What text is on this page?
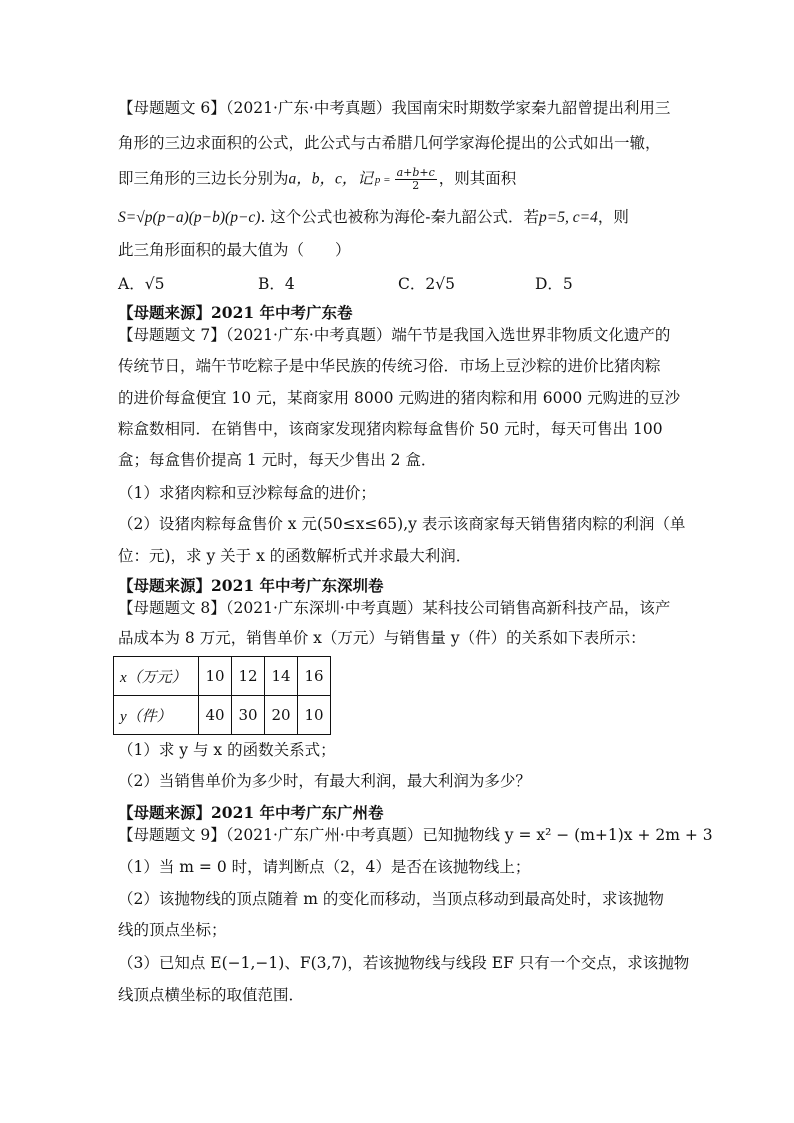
【母题题文 6】（2021·广东·中考真题）我国南宋时期数学家秦九韶曾提出利用三
角形的三边求面积的公式，此公式与古希腊几何学家海伦提出的公式如出一辙，
即三角形的三边长分别为a，b，c，记 $p = \frac{a+b+c}{2}$ ，则其面积
S=√p(p−a)(p−b)(p−c). 这个公式也被称为海伦-秦九韶公式．若p=5, c=4，则
此三角形面积的最大值为（　　）
A．√5	B．4	C．2√5	D．5
【母题来源】2021 年中考广东卷
【母题题文 7】（2021·广东·中考真题）端午节是我国入选世界非物质文化遗产的
传统节日，端午节吃粽子是中华民族的传统习俗．市场上豆沙粽的进价比猪肉粽
的进价每盒便宜 10 元，某商家用 8000 元购进的猪肉粽和用 6000 元购进的豆沙
粽盒数相同．在销售中，该商家发现猪肉粽每盒售价 50 元时，每天可售出 100
盒；每盒售价提高 1 元时，每天少售出 2 盒．
（1）求猪肉粽和豆沙粽每盒的进价；
（2）设猪肉粽每盒售价 x 元(50≤x≤65),y 表示该商家每天销售猪肉粽的利润（单
位：元)，求 y 关于 x 的函数解析式并求最大利润．
【母题来源】2021 年中考广东深圳卷
【母题题文 8】（2021·广东深圳·中考真题）某科技公司销售高新科技产品，该产
品成本为 8 万元，销售单价 x（万元）与销售量 y（件）的关系如下表所示：
x（万元）	10	12	14	16
y（件）	40	30	20	10
（1）求 y 与 x 的函数关系式；
（2）当销售单价为多少时，有最大利润，最大利润为多少？
【母题来源】2021 年中考广东广州卷
【母题题文 9】（2021·广东广州·中考真题）已知抛物线 y = x² − (m+1)x + 2m + 3
（1）当 m = 0 时，请判断点（2，4）是否在该抛物线上；
（2）该抛物线的顶点随着 m 的变化而移动，当顶点移动到最高处时，求该抛物
线的顶点坐标；
（3）已知点 E(−1,−1)、F(3,7)，若该抛物线与线段 EF 只有一个交点，求该抛物
线顶点横坐标的取值范围．
